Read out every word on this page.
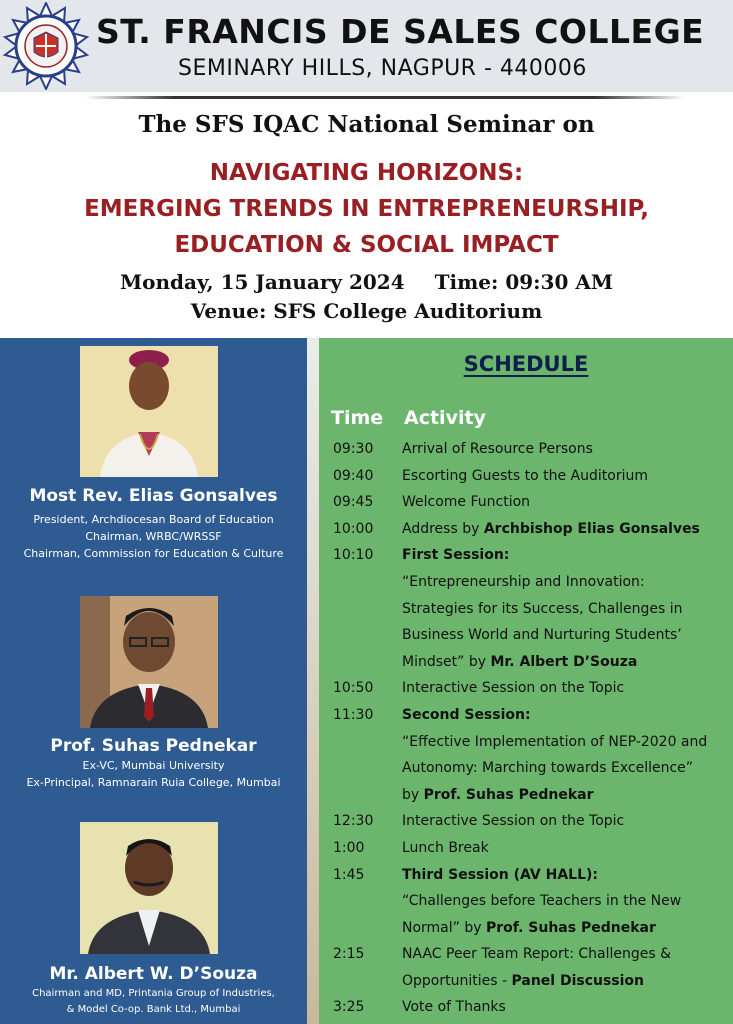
ST. FRANCIS DE SALES COLLEGE
SEMINARY HILLS, NAGPUR - 440006
The SFS IQAC National Seminar on
NAVIGATING HORIZONS:
EMERGING TRENDS IN ENTREPRENEURSHIP,
EDUCATION & SOCIAL IMPACT
Monday, 15 January 2024 Time: 09:30 AM
Venue: SFS College Auditorium
Most Rev. Elias Gonsalves
President, Archdiocesan Board of Education
Chairman, WRBC/WRSSF
Chairman, Commission for Education & Culture
Prof. Suhas Pednekar
Ex-VC, Mumbai University
Ex-Principal, Ramnarain Ruia College, Mumbai
Mr. Albert W. D’Souza
Chairman and MD, Printania Group of Industries,
& Model Co-op. Bank Ltd., Mumbai
SCHEDULE
Time Activity
09:30 Arrival of Resource Persons
09:40 Escorting Guests to the Auditorium
09:45 Welcome Function
10:00 Address by Archbishop Elias Gonsalves
10:10 First Session:
“Entrepreneurship and Innovation:
Strategies for its Success, Challenges in
Business World and Nurturing Students’
Mindset” by Mr. Albert D’Souza
10:50 Interactive Session on the Topic
11:30 Second Session:
“Effective Implementation of NEP-2020 and
Autonomy: Marching towards Excellence”
by Prof. Suhas Pednekar
12:30 Interactive Session on the Topic
1:00	Lunch Break
1:45	Third Session (AV HALL):
“Challenges before Teachers in the New
Normal” by Prof. Suhas Pednekar
2:15	NAAC Peer Team Report: Challenges &
Opportunities - Panel Discussion
3:25	Vote of Thanks
